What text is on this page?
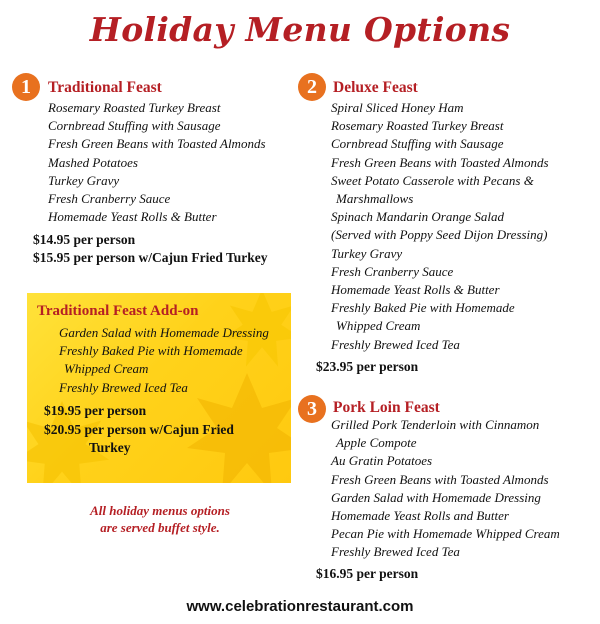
Holiday Menu Options
1	Traditional Feast
Rosemary Roasted Turkey Breast
Cornbread Stuffing with Sausage
Fresh Green Beans with Toasted Almonds
Mashed Potatoes
Turkey Gravy
Fresh Cranberry Sauce
Homemade Yeast Rolls & Butter
$14.95 per person
$15.95 per person w/Cajun Fried Turkey
Traditional Feast Add-on
Garden Salad with Homemade Dressing
Freshly Baked Pie with Homemade
Whipped Cream
Freshly Brewed Iced Tea
$19.95 per person
$20.95 per person w/Cajun Fried
Turkey
All holiday menus options
are served buffet style.
2	Deluxe Feast
Spiral Sliced Honey Ham
Rosemary Roasted Turkey Breast
Cornbread Stuffing with Sausage
Fresh Green Beans with Toasted Almonds
Sweet Potato Casserole with Pecans &
Marshmallows
Spinach Mandarin Orange Salad
(Served with Poppy Seed Dijon Dressing)
Turkey Gravy
Fresh Cranberry Sauce
Homemade Yeast Rolls & Butter
Freshly Baked Pie with Homemade
Whipped Cream
Freshly Brewed Iced Tea
$23.95 per person
3	Pork Loin Feast
Grilled Pork Tenderloin with Cinnamon
Apple Compote
Au Gratin Potatoes
Fresh Green Beans with Toasted Almonds
Garden Salad with Homemade Dressing
Homemade Yeast Rolls and Butter
Pecan Pie with Homemade Whipped Cream
Freshly Brewed Iced Tea
$16.95 per person
www.celebrationrestaurant.com
